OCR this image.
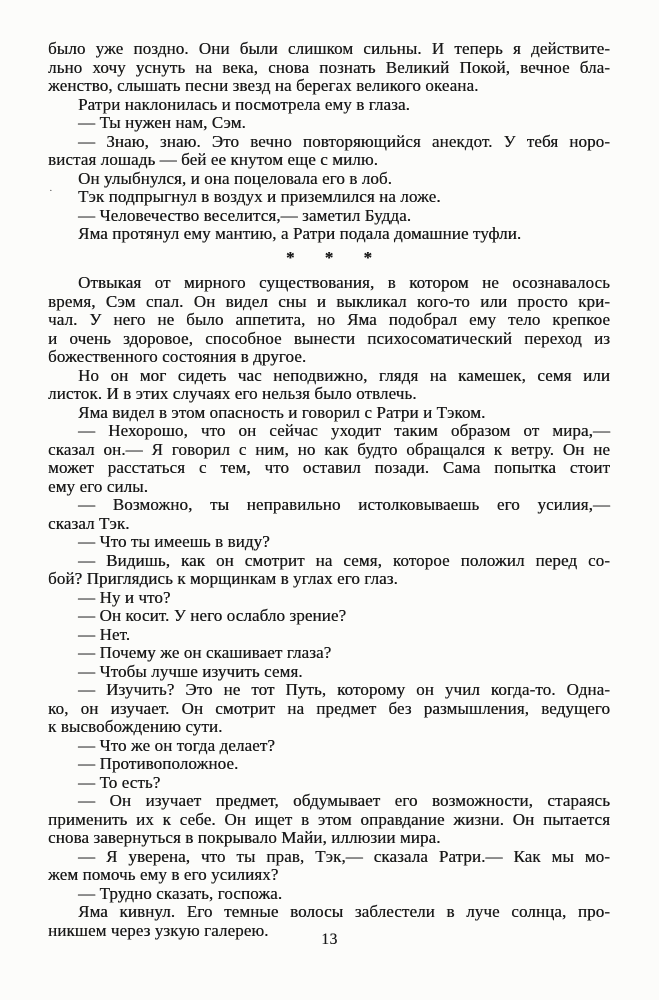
было уже поздно. Они были слишком сильны. И теперь я действите-
льно хочу уснуть на века, снова познать Великий Покой, вечное бла-
женство, слышать песни звезд на берегах великого океана.
Ратри наклонилась и посмотрела ему в глаза.
— Ты нужен нам, Сэм.
— Знаю, знаю. Это вечно повторяющийся анекдот. У тебя норо-
вистая лошадь — бей ее кнутом еще с милю.
Он улыбнулся, и она поцеловала его в лоб.
Тэк подпрыгнул в воздух и приземлился на ложе.
— Человечество веселится,— заметил Будда.
Яма протянул ему мантию, а Ратри подала домашние туфли.
* * *
Отвыкая от мирного существования, в котором не осознавалось
время, Сэм спал. Он видел сны и выкликал кого-то или просто кри-
чал. У него не было аппетита, но Яма подобрал ему тело крепкое
и очень здоровое, способное вынести психосоматический переход из
божественного состояния в другое.
Но он мог сидеть час неподвижно, глядя на камешек, семя или
листок. И в этих случаях его нельзя было отвлечь.
Яма видел в этом опасность и говорил с Ратри и Тэком.
— Нехорошо, что он сейчас уходит таким образом от мира,—
сказал он.— Я говорил с ним, но как будто обращался к ветру. Он не
может расстаться с тем, что оставил позади. Сама попытка стоит
ему его силы.
— Возможно, ты неправильно истолковываешь его усилия,—
сказал Тэк.
— Что ты имеешь в виду?
— Видишь, как он смотрит на семя, которое положил перед со-
бой? Приглядись к морщинкам в углах его глаз.
— Ну и что?
— Он косит. У него ослабло зрение?
— Нет.
— Почему же он скашивает глаза?
— Чтобы лучше изучить семя.
— Изучить? Это не тот Путь, которому он учил когда-то. Одна-
ко, он изучает. Он смотрит на предмет без размышления, ведущего
к высвобождению сути.
— Что же он тогда делает?
— Противоположное.
— То есть?
— Он изучает предмет, обдумывает его возможности, стараясь
применить их к себе. Он ищет в этом оправдание жизни. Он пытается
снова завернуться в покрывало Майи, иллюзии мира.
— Я уверена, что ты прав, Тэк,— сказала Ратри.— Как мы мо-
жем помочь ему в его усилиях?
— Трудно сказать, госпожа.
Яма кивнул. Его темные волосы заблестели в луче солнца, про-
никшем через узкую галерею.
·
13
